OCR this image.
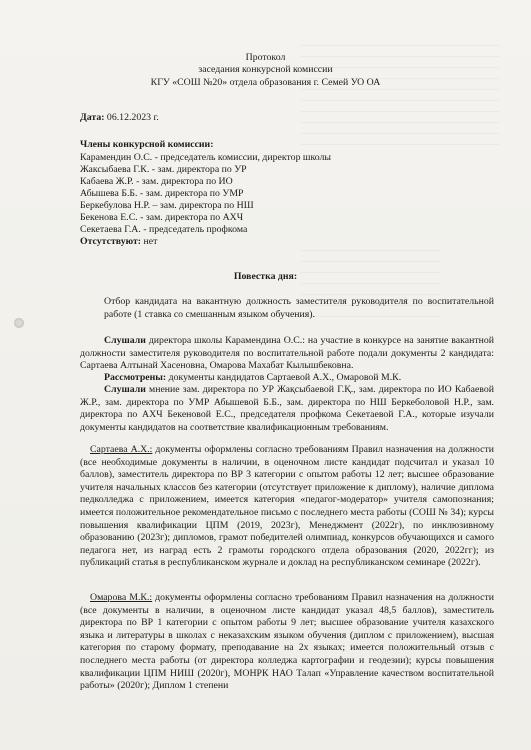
Протокол
заседания конкурсной комиссии
КГУ «СОШ №20» отдела образования г. Семей УО ОА
Дата: 06.12.2023 г.
Члены конкурсной комиссии:
Карамендин О.С. - председатель комиссии, директор школы
Жаксыбаева Г.К. - зам. директора по УР
Кабаева Ж.Р. - зам. директора по ИО
Абышева Б.Б. - зам. директора по УМР
Беркебулова Н.Р. – зам. директора по НШ
Бекенова Е.С. - зам. директора по АХЧ
Секетаева Г.А. - председатель профкома
Отсутствуют: нет
Повестка дня:
Отбор кандидата на вакантную должность заместителя руководителя по воспитательной работе (1 ставка со смешанным языком обучения).
Слушали директора школы Карамендина О.С.: на участие в конкурсе на занятие вакантной должности заместителя руководителя по воспитательной работе подали документы 2 кандидата: Сартаева Алтынай Хасеновна, Омарова Махабат Кылышбековна.
Рассмотрены: документы кандидатов Сартаевой А.Х., Омаровой М.К.
Слушали мнение зам. директора по УР Жақсыбаевой Г.Қ., зам. директора по ИО Кабаевой Ж.Р., зам. директора по УМР Абышевой Б.Б., зам. директора по НШ Беркеболовой Н.Р., зам. директора по АХЧ Бекеновой Е.С., председателя профкома Секетаевой Г.А., которые изучали документы кандидатов на соответствие квалификационным требованиям.
Сартаева А.Х.: документы оформлены согласно требованиям Правил назначения на должности (все необходимые документы в наличии, в оценочном листе кандидат подсчитал и указал 10 баллов), заместитель директора по ВР 3 категории с опытом работы 12 лет; высшее образование учителя начальных классов без категории (отсутствует приложение к диплому), наличие диплома педколледжа с приложением, имеется категория «педагог-модератор» учителя самопознания; имеется положительное рекомендательное письмо с последнего места работы (СОШ № 34); курсы повышения квалификации ЦПМ (2019, 2023г), Менеджмент (2022г), по инклюзивному образованию (2023г); дипломов, грамот победителей олимпиад, конкурсов обучающихся и самого педагога нет, из наград есть 2 грамоты городского отдела образования (2020, 2022гг); из публикаций статья в республиканском журнале и доклад на республиканском семинаре (2022г).
Омарова М.К.: документы оформлены согласно требованиям Правил назначения на должности (все документы в наличии, в оценочном листе кандидат указал 48,5 баллов), заместитель директора по ВР 1 категории с опытом работы 9 лет; высшее образование учителя казахского языка и литературы в школах с неказахским языком обучения (диплом с приложением), высшая категория по старому формату, преподавание на 2х языках; имеется положительный отзыв с последнего места работы (от директора колледжа картографии и геодезии); курсы повышения квалификации ЦПМ НИШ (2020г), МОНРК НАО Талап «Управление качеством воспитательной работы» (2020г); Диплом 1 степени
